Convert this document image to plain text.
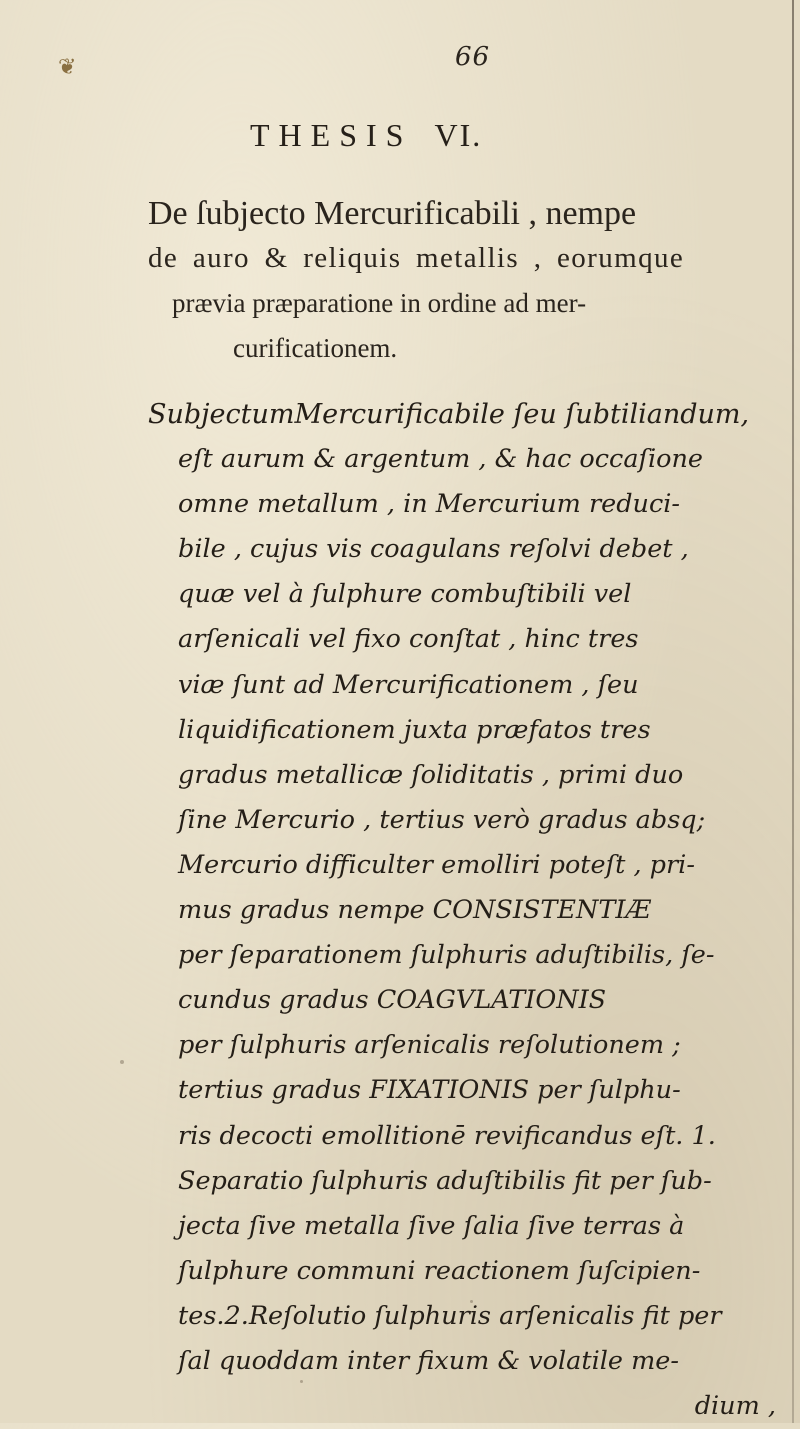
❦	66
THESIS VI.
De ſubjecto Mercurificabili , nempe
de auro & reliquis metallis , eorumque
prævia præparatione in ordine ad mer-
curificationem.
SubjectumMercurificabile ſeu ſubtiliandum,
eſt aurum & argentum , & hac occaſione
omne metallum , in Mercurium reduci-
bile , cujus vis coagulans reſolvi debet ,
quæ vel à ſulphure combuſtibili vel
arſenicali vel fixo conſtat , hinc tres
viæ ſunt ad Mercurificationem , ſeu
liquidificationem juxta præfatos tres
gradus metallicæ ſoliditatis , primi duo
ſine Mercurio , tertius verò gradus absq;
Mercurio difficulter emolliri poteſt , pri-
mus gradus nempe CONSISTENTIÆ
per ſeparationem ſulphuris aduſtibilis, ſe-
cundus gradus COAGVLATIONIS
per ſulphuris arſenicalis reſolutionem ;
tertius gradus FIXATIONIS per ſulphu-
ris decocti emollitionē revificandus eſt. 1.
Separatio ſulphuris aduſtibilis fit per ſub-
jecta ſive metalla ſive ſalia ſive terras à
ſulphure communi reactionem ſuſcipien-
tes.2.Reſolutio ſulphuris arſenicalis fit per
ſal quoddam inter fixum & volatile me-
dium ,
